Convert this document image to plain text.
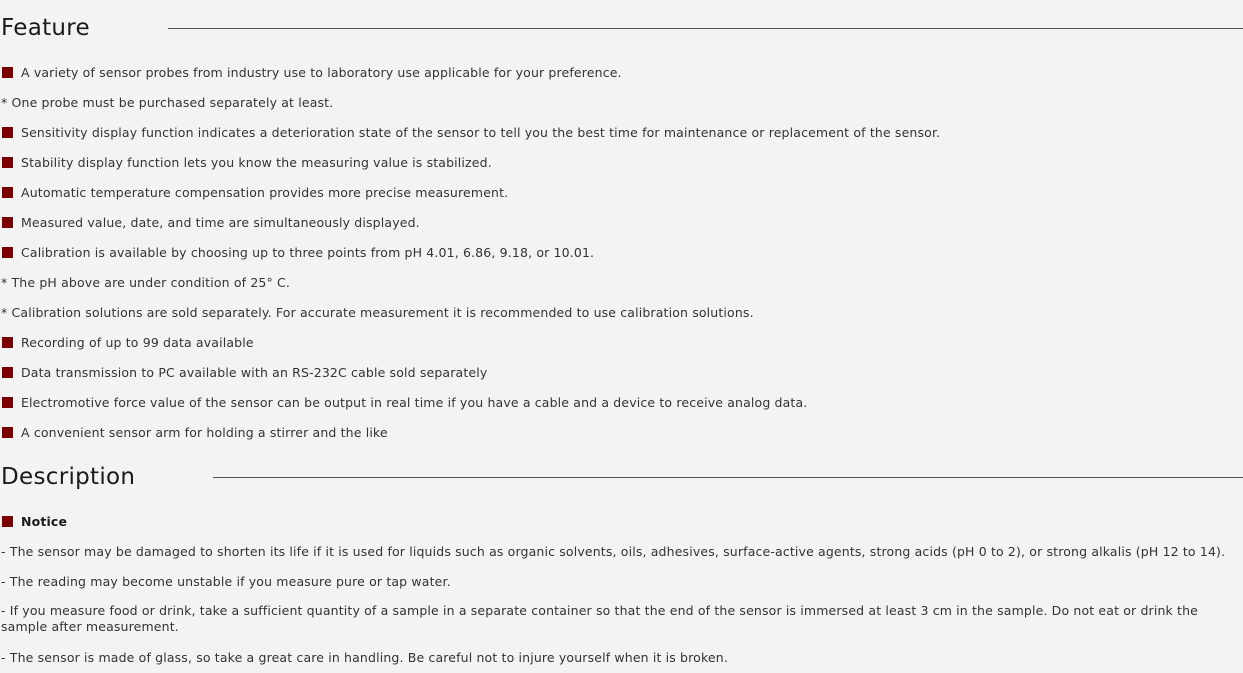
Feature
A variety of sensor probes from industry use to laboratory use applicable for your preference.
* One probe must be purchased separately at least.
Sensitivity display function indicates a deterioration state of the sensor to tell you the best time for maintenance or replacement of the sensor.
Stability display function lets you know the measuring value is stabilized.
Automatic temperature compensation provides more precise measurement.
Measured value, date, and time are simultaneously displayed.
Calibration is available by choosing up to three points from pH 4.01, 6.86, 9.18, or 10.01.
* The pH above are under condition of 25° C.
* Calibration solutions are sold separately. For accurate measurement it is recommended to use calibration solutions.
Recording of up to 99 data available
Data transmission to PC available with an RS-232C cable sold separately
Electromotive force value of the sensor can be output in real time if you have a cable and a device to receive analog data.
A convenient sensor arm for holding a stirrer and the like
Description
Notice
- The sensor may be damaged to shorten its life if it is used for liquids such as organic solvents, oils, adhesives, surface-active agents, strong acids (pH 0 to 2), or strong alkalis (pH 12 to 14).
- The reading may become unstable if you measure pure or tap water.
- If you measure food or drink, take a sufficient quantity of a sample in a separate container so that the end of the sensor is immersed at least 3 cm in the sample. Do not eat or drink the sample after measurement.
- The sensor is made of glass, so take a great care in handling. Be careful not to injure yourself when it is broken.
